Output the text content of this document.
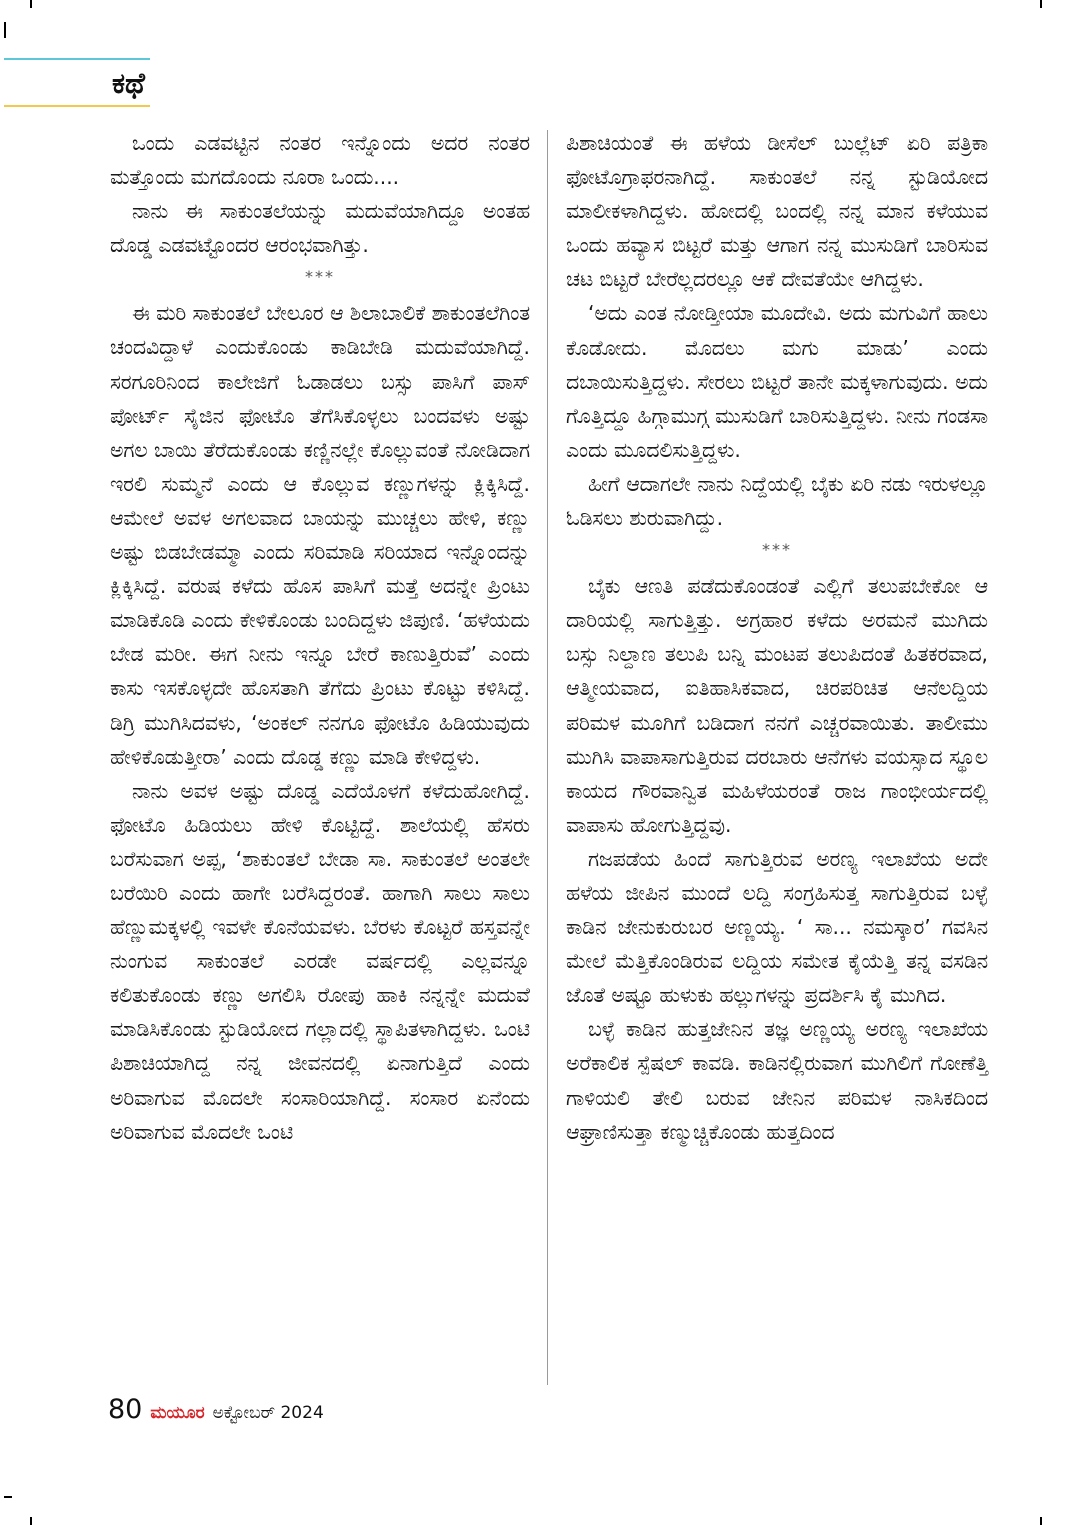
ಕಥೆ

ಒಂದು ಎಡವಟ್ಟಿನ ನಂತರ ಇನ್ನೊಂದು ಅದರ ನಂತರ ಮತ್ತೊಂದು ಮಗದೊಂದು ನೂರಾ ಒಂದು....

ನಾನು ಈ ಸಾಕುಂತಲೆಯನ್ನು ಮದುವೆಯಾಗಿದ್ದೂ ಅಂತಹ ದೊಡ್ಡ ಎಡವಟ್ಟೊಂದರ ಆರಂಭವಾಗಿತ್ತು.

***

ಈ ಮರಿ ಸಾಕುಂತಲೆ ಬೇಲೂರ ಆ ಶಿಲಾಬಾಲಿಕೆ ಶಾಕುಂತಲೆಗಿಂತ ಚಂದವಿದ್ದಾಳೆ ಎಂದುಕೊಂಡು ಕಾಡಿಬೇಡಿ ಮದುವೆಯಾಗಿದ್ದೆ. ಸರಗೂರಿನಿಂದ ಕಾಲೇಜಿಗೆ ಓಡಾಡಲು ಬಸ್ಸು ಪಾಸಿಗೆ ಪಾಸ್ ಪೋರ್ಟ್ ಸೈಜಿನ ಫೋಟೊ ತೆಗೆಸಿಕೊಳ್ಳಲು ಬಂದವಳು ಅಷ್ಟು ಅಗಲ ಬಾಯಿ ತೆರೆದುಕೊಂಡು ಕಣ್ಣಿನಲ್ಲೇ ಕೊಲ್ಲುವಂತೆ ನೋಡಿದಾಗ ಇರಲಿ ಸುಮ್ಮನೆ ಎಂದು ಆ ಕೊಲ್ಲುವ ಕಣ್ಣುಗಳನ್ನು ಕ್ಲಿಕ್ಕಿಸಿದ್ದೆ. ಆಮೇಲೆ ಅವಳ ಅಗಲವಾದ ಬಾಯನ್ನು ಮುಚ್ಚಲು ಹೇಳಿ, ಕಣ್ಣು ಅಷ್ಟು ಬಿಡಬೇಡಮ್ಮಾ ಎಂದು ಸರಿಮಾಡಿ ಸರಿಯಾದ ಇನ್ನೊಂದನ್ನು ಕ್ಲಿಕ್ಕಿಸಿದ್ದೆ. ವರುಷ ಕಳೆದು ಹೊಸ ಪಾಸಿಗೆ ಮತ್ತೆ ಅದನ್ನೇ ಪ್ರಿಂಟು ಮಾಡಿಕೊಡಿ ಎಂದು ಕೇಳಿಕೊಂಡು ಬಂದಿದ್ದಳು ಜಿಪುಣಿ. ‘ಹಳೆಯದು ಬೇಡ ಮರೀ. ಈಗ ನೀನು ಇನ್ನೂ ಬೇರೆ ಕಾಣುತ್ತಿರುವೆ’ ಎಂದು ಕಾಸು ಇಸಕೊಳ್ಳದೇ ಹೊಸತಾಗಿ ತೆಗೆದು ಪ್ರಿಂಟು ಕೊಟ್ಟು ಕಳಿಸಿದ್ದೆ. ಡಿಗ್ರಿ ಮುಗಿಸಿದವಳು, ‘ಅಂಕಲ್ ನನಗೂ ಫೋಟೊ ಹಿಡಿಯುವುದು ಹೇಳಿಕೊಡುತ್ತೀರಾ’ ಎಂದು ದೊಡ್ಡ ಕಣ್ಣು ಮಾಡಿ ಕೇಳಿದ್ದಳು.

ನಾನು ಅವಳ ಅಷ್ಟು ದೊಡ್ಡ ಎದೆಯೊಳಗೆ ಕಳೆದುಹೋಗಿದ್ದೆ. ಫೋಟೊ ಹಿಡಿಯಲು ಹೇಳಿ ಕೊಟ್ಟಿದ್ದೆ. ಶಾಲೆಯಲ್ಲಿ ಹೆಸರು ಬರೆಸುವಾಗ ಅಪ್ಪ, ‘ಶಾಕುಂತಲೆ ಬೇಡಾ ಸಾ. ಸಾಕುಂತಲೆ ಅಂತಲೇ ಬರೆಯಿರಿ ಎಂದು ಹಾಗೇ ಬರೆಸಿದ್ದರಂತೆ. ಹಾಗಾಗಿ ಸಾಲು ಸಾಲು ಹೆಣ್ಣುಮಕ್ಕಳಲ್ಲಿ ಇವಳೇ ಕೊನೆಯವಳು. ಬೆರಳು ಕೊಟ್ಟರೆ ಹಸ್ತವನ್ನೇ ನುಂಗುವ ಸಾಕುಂತಲೆ ಎರಡೇ ವರ್ಷದಲ್ಲಿ ಎಲ್ಲವನ್ನೂ ಕಲಿತುಕೊಂಡು ಕಣ್ಣು ಅಗಲಿಸಿ ರೋಪು ಹಾಕಿ ನನ್ನನ್ನೇ ಮದುವೆ ಮಾಡಿಸಿಕೊಂಡು ಸ್ಟುಡಿಯೋದ ಗಲ್ಲಾದಲ್ಲಿ ಸ್ಥಾಪಿತಳಾಗಿದ್ದಳು. ಒಂಟಿ ಪಿಶಾಚಿಯಾಗಿದ್ದ ನನ್ನ ಜೀವನದಲ್ಲಿ ಏನಾಗುತ್ತಿದೆ ಎಂದು ಅರಿವಾಗುವ ಮೊದಲೇ ಸಂಸಾರಿಯಾಗಿದ್ದೆ. ಸಂಸಾರ ಏನೆಂದು ಅರಿವಾಗುವ ಮೊದಲೇ ಒಂಟಿ

ಪಿಶಾಚಿಯಂತೆ ಈ ಹಳೆಯ ಡೀಸೆಲ್ ಬುಲ್ಲೆಟ್ ಏರಿ ಪತ್ರಿಕಾ ಫೋಟೊಗ್ರಾಫರನಾಗಿದ್ದೆ. ಸಾಕುಂತಲೆ ನನ್ನ ಸ್ಟುಡಿಯೋದ ಮಾಲೀಕಳಾಗಿದ್ದಳು. ಹೋದಲ್ಲಿ ಬಂದಲ್ಲಿ ನನ್ನ ಮಾನ ಕಳೆಯುವ ಒಂದು ಹವ್ಯಾಸ ಬಿಟ್ಟರೆ ಮತ್ತು ಆಗಾಗ ನನ್ನ ಮುಸುಡಿಗೆ ಬಾರಿಸುವ ಚಟ ಬಿಟ್ಟರೆ ಬೇರೆಲ್ಲದರಲ್ಲೂ ಆಕೆ ದೇವತೆಯೇ ಆಗಿದ್ದಳು.

‘ಅದು ಎಂತ ನೋಡ್ತೀಯಾ ಮೂದೇವಿ. ಅದು ಮಗುವಿಗೆ ಹಾಲು ಕೊಡೋದು. ಮೊದಲು ಮಗು ಮಾಡು’ ಎಂದು ದಬಾಯಿಸುತ್ತಿದ್ದಳು. ಸೇರಲು ಬಿಟ್ಟರೆ ತಾನೇ ಮಕ್ಕಳಾಗುವುದು. ಅದು ಗೊತ್ತಿದ್ದೂ ಹಿಗ್ಗಾಮುಗ್ಗ ಮುಸುಡಿಗೆ ಬಾರಿಸುತ್ತಿದ್ದಳು. ನೀನು ಗಂಡಸಾ ಎಂದು ಮೂದಲಿಸುತ್ತಿದ್ದಳು.

ಹೀಗೆ ಆದಾಗಲೇ ನಾನು ನಿದ್ದೆಯಲ್ಲಿ ಬೈಕು ಏರಿ ನಡು ಇರುಳಲ್ಲೂ ಓಡಿಸಲು ಶುರುವಾಗಿದ್ದು.

***

ಬೈಕು ಆಣತಿ ಪಡೆದುಕೊಂಡಂತೆ ಎಲ್ಲಿಗೆ ತಲುಪಬೇಕೋ ಆ ದಾರಿಯಲ್ಲಿ ಸಾಗುತ್ತಿತ್ತು. ಅಗ್ರಹಾರ ಕಳೆದು ಅರಮನೆ ಮುಗಿದು ಬಸ್ಸು ನಿಲ್ದಾಣ ತಲುಪಿ ಬನ್ನಿ ಮಂಟಪ ತಲುಪಿದಂತೆ ಹಿತಕರವಾದ, ಆತ್ಮೀಯವಾದ, ಐತಿಹಾಸಿಕವಾದ, ಚಿರಪರಿಚಿತ ಆನೆಲದ್ದಿಯ ಪರಿಮಳ ಮೂಗಿಗೆ ಬಡಿದಾಗ ನನಗೆ ಎಚ್ಚರವಾಯಿತು. ತಾಲೀಮು ಮುಗಿಸಿ ವಾಪಾಸಾಗುತ್ತಿರುವ ದರಬಾರು ಆನೆಗಳು ವಯಸ್ಸಾದ ಸ್ಥೂಲ ಕಾಯದ ಗೌರವಾನ್ವಿತ ಮಹಿಳೆಯರಂತೆ ರಾಜ ಗಾಂಭೀರ್ಯದಲ್ಲಿ ವಾಪಾಸು ಹೋಗುತ್ತಿದ್ದವು.

ಗಜಪಡೆಯ ಹಿಂದೆ ಸಾಗುತ್ತಿರುವ ಅರಣ್ಯ ಇಲಾಖೆಯ ಅದೇ ಹಳೆಯ ಜೀಪಿನ ಮುಂದೆ ಲದ್ದಿ ಸಂಗ್ರಹಿಸುತ್ತ ಸಾಗುತ್ತಿರುವ ಬಳ್ಳೆ ಕಾಡಿನ ಜೇನುಕುರುಬರ ಅಣ್ಣಯ್ಯ. ‘ ಸಾ... ನಮಸ್ಕಾರ’ ಗವಸಿನ ಮೇಲೆ ಮೆತ್ತಿಕೊಂಡಿರುವ ಲದ್ದಿಯ ಸಮೇತ ಕೈಯೆತ್ತಿ ತನ್ನ ವಸಡಿನ ಜೊತೆ ಅಷ್ಟೂ ಹುಳುಕು ಹಲ್ಲುಗಳನ್ನು ಪ್ರದರ್ಶಿಸಿ ಕೈ ಮುಗಿದ.

ಬಳ್ಳೆ ಕಾಡಿನ ಹುತ್ತಜೇನಿನ ತಜ್ಞ ಅಣ್ಣಯ್ಯ ಅರಣ್ಯ ಇಲಾಖೆಯ ಅರೆಕಾಲಿಕ ಸ್ಪೆಷಲ್ ಕಾವಡಿ. ಕಾಡಿನಲ್ಲಿರುವಾಗ ಮುಗಿಲಿಗೆ ಗೋಣೆತ್ತಿ ಗಾಳಿಯಲಿ ತೇಲಿ ಬರುವ ಜೇನಿನ ಪರಿಮಳ ನಾಸಿಕದಿಂದ ಆಘ್ರಾಣಿಸುತ್ತಾ ಕಣ್ಮುಚ್ಚಿಕೊಂಡು ಹುತ್ತದಿಂದ

80 ಮಯೂರ ಅಕ್ಟೋಬರ್ 2024
